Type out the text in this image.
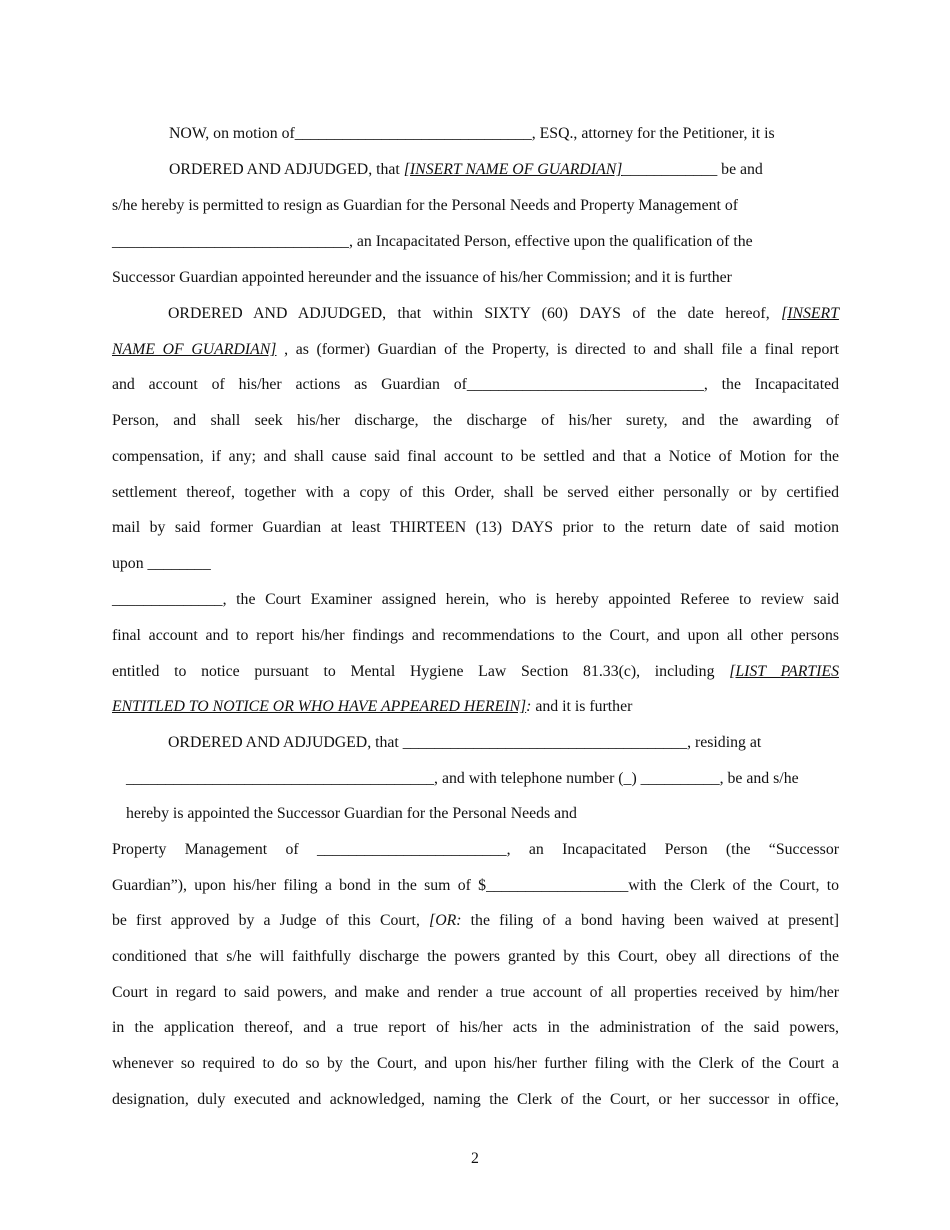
NOW, on motion of______________________________, ESQ., attorney for the Petitioner, it is
ORDERED AND ADJUDGED, that [INSERT NAME OF GUARDIAN]____________ be and
s/he hereby is permitted to resign as Guardian for the Personal Needs and Property Management of
______________________________, an Incapacitated Person, effective upon the qualification of the
Successor Guardian appointed hereunder and the issuance of his/her Commission; and it is further
ORDERED AND ADJUDGED, that within SIXTY (60) DAYS of the date hereof, [INSERT
NAME OF GUARDIAN] , as (former) Guardian of the Property, is directed to and shall file a final report
and account of his/her actions as Guardian of______________________________, the Incapacitated
Person, and shall seek his/her discharge, the discharge of his/her surety, and the awarding of
compensation, if any; and shall cause said final account to be settled and that a Notice of Motion for the
settlement thereof, together with a copy of this Order, shall be served either personally or by certified
mail by said former Guardian at least THIRTEEN (13) DAYS prior to the return date of said motion
upon ________
______________, the Court Examiner assigned herein, who is hereby appointed Referee to review said
final account and to report his/her findings and recommendations to the Court, and upon all other persons
entitled to notice pursuant to Mental Hygiene Law Section 81.33(c), including [LIST PARTIES
ENTITLED TO NOTICE OR WHO HAVE APPEARED HEREIN]: and it is further
ORDERED AND ADJUDGED, that ____________________________________, residing at
_______________________________________, and with telephone number (_) __________, be and s/he
hereby is appointed the Successor Guardian for the Personal Needs and
Property Management of ________________________, an Incapacitated Person (the “Successor
Guardian”), upon his/her filing a bond in the sum of $__________________with the Clerk of the Court, to
be first approved by a Judge of this Court, [OR: the filing of a bond having been waived at present]
conditioned that s/he will faithfully discharge the powers granted by this Court, obey all directions of the
Court in regard to said powers, and make and render a true account of all properties received by him/her
in the application thereof, and a true report of his/her acts in the administration of the said powers,
whenever so required to do so by the Court, and upon his/her further filing with the Clerk of the Court a
designation, duly executed and acknowledged, naming the Clerk of the Court, or her successor in office,
2
